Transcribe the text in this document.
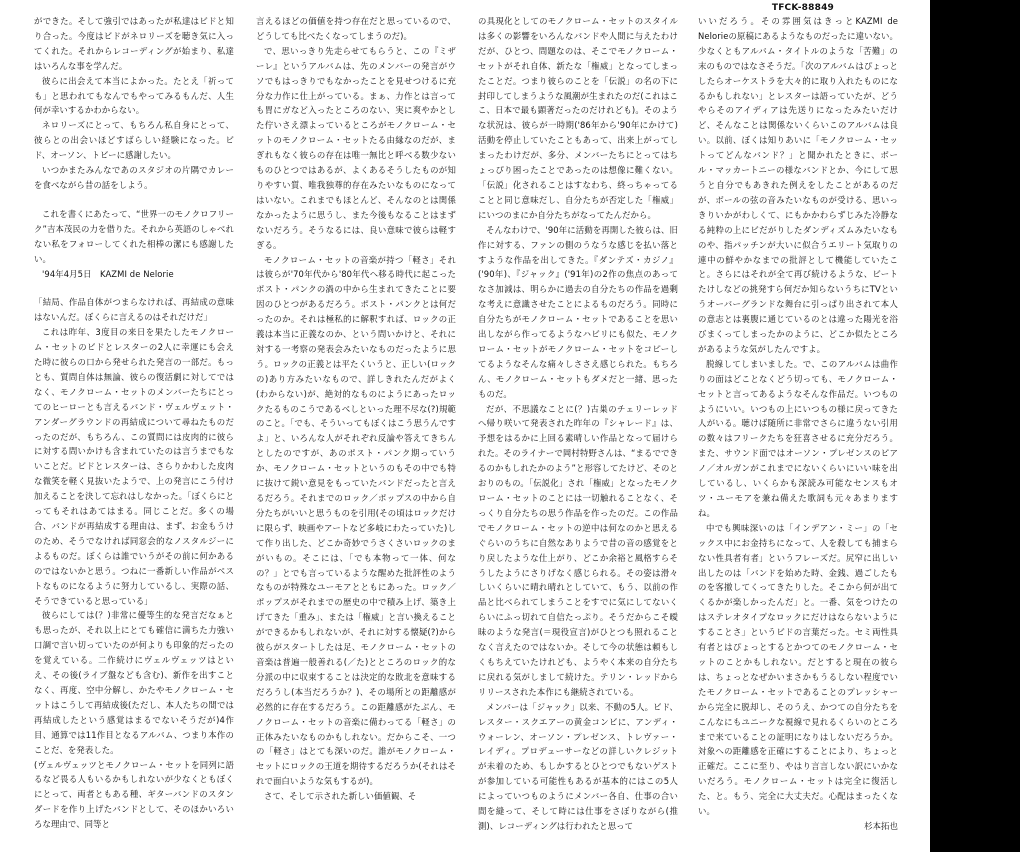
TFCK-88849

ができた。そして強引ではあったが私達はビドと知り合った。今度はビドがネロリーズを聴き気に入ってくれた。それからレコーディングが始まり、私達はいろんな事を学んだ。

彼らに出会えて本当によかった。たとえ「祈っても」と思われてもなんでもやってみるもんだ、人生何が幸いするかわからない。

ネロリーズにとって、もちろん私自身にとって、彼らとの出会いほどすばらしい経験になった。ビド、オーソン、トビーに感謝したい。

いつかまたみんなであのスタジオの片隅でカレーを食べながら昔の話をしよう。

これを書くにあたって、“世界一のモノクロフリーク”吉本茂民の力を借りた。それから英語のしゃべれない私をフォローしてくれた相棒の潔にも感謝したい。

'94年4月5日　KAZMI de Nelorie

「結局、作品自体がつまらなければ、再結成の意味はないんだ。ぼくらに言えるのはそれだけだ」

これは昨年、3度目の来日を果たしたモノクローム・セットのビドとレスターの2人に幸運にも会えた時に彼らの口から発せられた発言の一部だ。もっとも、質問自体は無論、彼らの復活劇に対してではなく、モノクローム・セットのメンバーたちにとってのヒーローとも言えるバンド・ヴェルヴェット・アンダーグラウンドの再結成について尋ねたものだったのだが、もちろん、この質問には皮肉的に彼らに対する問いかけも含まれていたのは言うまでもないことだ。ビドとレスターは、さらりかわした皮肉な微笑を軽く見抜いたようで、上の発言にこう付け加えることを決して忘れはしなかった。「ぼくらにとってもそれはあてはまる。同じことだ。多くの場合、バンドが再結成する理由は、まず、お金もうけのため、そうでなければ同窓会的なノスタルジーによるものだ。ぼくらは誰でいうがその前に何かあるのではないかと思う。つねに一番新しい作品がベストなものになるように努力しているし、実際の話、そうできていると思っている」

彼らにしては(？)非常に優等生的な発言だなぁとも思ったが、それ以上にとても確信に満ちた力強い口調で言い切っていたのが何よりも印象的だったのを覚えている。二作続けにヴェルヴェッツはといえ、その後(ライブ盤なども含む)、新作を出すことなく、再度、空中分解し、かたやモノクローム・セットはこうして再結成後(ただし、本人たちの間では再結成したという感覚はまるでないそうだが)4作目、通算では11作目となるアルバム、つまり本作のことだ、を発表した。

(ヴェルヴェッツとモノクローム・セットを同列に語るなど畏る人もいるかもしれないが少なくともぼくにとって、両者ともある種、ギターバンドのスタンダードを作り上げたバンドとして、そのほかいろいろな理由で、同等と

言えるほどの価値を持つ存在だと思っているので、どうしても比べたくなってしまうのだ)。

で、思いっきり先走らせてもらうと、この『ミザーレ』というアルバムは、先のメンバーの発言がウソでもはっきりでもなかったことを見せつけるに充分な力作に仕上がっている。まぁ、力作とは言っても胃にガなど入ったところのない、実に爽やかとした佇いさえ漂よっているところがモノクローム・セットのモノクローム・セットたる由縁なのだが、まぎれもなく彼らの存在は唯一無比と呼べる数少ないものひとつではあるが、よくあるそうしたものが知りやすい質、唯我独尊的存在みたいなものになってはいない。これまでもほとんど、そんなのとは関係なかったように思うし、また今後もなることはまずないだろう。そうなるには、良い意味で彼らは軽すぎる。

モノクローム・セットの音楽が持つ「軽さ」それは彼らが'70年代から'80年代へ移る時代に起こったポスト・パンクの渦の中から生まれてきたことに要因のひとつがあるだろう。ポスト・パンクとは何だったのか。それは極私的に解釈すれば、ロックの正義は本当に正義なのか、という問いかけと、それに対する一考察の発表会みたいなものだったように思う。ロックの正義とは平たくいうと、正しい(ロックの)あり方みたいなもので、詳しきれたんだがよく(わからない)が、絶対的なものにようにあったロックたるものこうであるべしといった理不尽な(?)規範のこと。「でも、そういってもぼくはこう思うんですよ」と、いろんな人がそれぞれ反論や答えてきちんとしたのですが、あのポスト・パンク期っていうか、モノクローム・セットというのもその中でも特に抜けて鋭い意見をもっていたバンドだったと言えるだろう。それまでのロック／ポップスの中から自分たちがいいと思うものを引用(その頃はロックだけに限らず、映画やアートなど多岐にわたっていた)して作り出した、どこか奇妙でうさくさいロックのまがいもの。そこには、「でも本物って一体、何なの？」とでも言っているような醒めた批評性のようなものが特殊なユーモアとともにあった。ロック／ポップスがそれまでの歴史の中で積み上げ、築き上げてきた「重み」、または「権威」と言い換えることができるかもしれないが、それに対する懐疑(?)から彼らがスタートしたは足、モノクローム・セットの音楽は普遍一般善れる(／た)とところのロック的な分派の中に収束することは決定的な敗北を意味するだろうし(本当だろうか？)、その場所との距離感が必然的に存在するだろう。この距離感がたぶん、モノクローム・セットの音楽に備わってる「軽さ」の正体みたいなものかもしれない。だからこそ、一つの「軽さ」はとても深いのだ。誰がモノクローム・セットにロックの王道を期待するだろうか(それはそれで面白いような気もするが)。

さて、そして示された新しい価値観、そ

の具現化としてのモノクローム・セットのスタイルは多くの影響をいろんなバンドや人間に与えたわけだが、ひとつ、問題なのは、そこでモノクローム・セットがそれ自体、新たな「権威」となってしまったことだ。つまり彼らのことを「伝説」の名の下に封印してしまうような風潮が生まれたのだ(これはここ、日本で最も顕著だったのだけれども)。そのような状況は、彼らが一時期('86年から'90年にかけて)活動を停止していたこともあって、出来上がってしまったわけだが、多分、メンバーたちにとってはちょっぴり困ったことであったのは想像に難くない。「伝説」化されることはすなわち、終っちゃってることと同じ意味だし、自分たちが否定した「権威」にいつのまにか自分たちがなってたんだから。

そんなわけで、'90年に活動を再開した彼らは、旧作に対する、ファンの側のうなうな感じを払い落とすような作品を出してきた。『ダンテズ・カジノ』('90年)、『ジャック』('91年)の2作の焦点のあってなさ加減は、明らかに過去の自分たちの作品を過剰な考えに意識させたことによるものだろう。同時に自分たちがモノクローム・セットであることを思い出しながら作ってるようなハビリにも似た、モノクローム・セットがモノクローム・セットをコピーしてるようなそんな痛々しささえ感じられた。もちろん、モノクローム・セットもダメだと一緒、思ったものだ。

だが、不思議なことに(？)古巣のチェリーレッドへ帰り咲いて発表された昨年の『シャレード』は、予想をはるかに上回る素晴しい作品となって届けられた。そのライナーで岡村特野さんは、“まるでできるのかもしれたかのよう”と形容してたけど、そのとおりのもの。「伝説化」され「権威」となったモノクローム・セットのことには一切触れることなく、そっくり自分たちの思う作品を作ったのだ。この作品でモノクローム・セットの逆中は何なのかと思えるぐらいのうちに自然なありようで昔の音の感覚をとり戻したような仕上がり、どこか余裕と風格すらそうしたようにさりげなく感じられる。その姿は滑々しいくらいに晴れ晴れとしていて、もう、以前の作品と比べられてしまうことをすでに気にしてないくらいにふっ切れて自信たっぷり。そうだからこそ曖昧のような発言(＝現役宣言)がひとつも照れることなく言えたのではないか。そして今の状態は頼もしくもちえていたけれども、ようやく本来の自分たちに戻れる気がしまして続けた。テリン・レッドからリリースされた本作にも継続されている。

メンバーは「ジャック」以来、不動の5人。ビド、レスター・スクエアーの黄金コンビに、アンディ・ウォーレン、オーソン・プレゼンス、トレヴァー・レイディ。プロデューサーなどの詳しいクレジットが未着のため、もしかするとひとつでもないゲストが参加している可能性もあるが基本的にはこの5人によっていつものようにメンバー各自、仕事の合い間を縫って、そして時には仕事をさぼりながら(推測)、レコーディングは行われたと思って

いいだろう。その雰囲気はきっとKAZMI de Nelorieの原稿にあるようなものだったに違いない。少なくともアルバム・タイトルのような「苦難」の末のものではなさそうだ。「次のアルバムはぴょっとしたらオーケストラを大々的に取り入れたものになるかもしれない」とレスターは語っていたが、どうやらそのアイディアは先送りになったみたいだけど、そんなことは関係ないくらいこのアルバムは良い。以前、ぼくは知りあいに「モノクローム・セットってどんなバンド？」と聞かれたときに、ボール・マッカートニーの様なバンドとか、今にして思うと自分でもあきれた例えをしたことがあるのだが、ボールの弦の音みたいなものが受ける、思いっきりいかがわしくて、にもかかわらずじみた冷静なる純粋の上にビだがりしたダンディズムみたいなものや、指パッチンが大いに似合うエリート気取りの連中の鮮やかなまでの批評として機能していたこと。さらにはそれが全て再び続けるような、ビートたけしなどの挑発すら何だか知らないうちにTVというオーバーグランドな舞台に引っぱり出されて本人の意志とは裏腹に通じているのとは違った陽光を浴びまくってしまったかのように、どこか似たところがあるような気がしたんですよ。

脱線してしまいました。で、このアルバムは曲作りの面はどことなくどう切っても、モノクローム・セットと言ってあるようなそんな作品だ。いつものようにいい。いつもの上にいつもの様に戻ってきた人がいる。聴けば随所に非常でさらに違うない引用の数々はフリークたちを狂喜させるに充分だろう。また、サウンド面ではオーソン・プレゼンスのピアノ／オルガンがこれまでにないくらいにいい味を出しているし、いくらかも深読み可能なセンスもオツ・ユーモアを兼ね備えた歌詞も元々あまりますね。

中でも興味深いのは「インデアン・ミー」の「セックス中にお金持ちになって、人を殺しても捕まらない性具者有者」というフレーズだ。尻窄に出しい出したのは「バンドを始めた時、金銭、過ごしたものを客撤してくってきたりした。そこから何が出てくるかが楽しかったんだ」と。一番、気をつけたのはステレオタイプなロックにだけはならないようにすることさ」というビドの言葉だった。セミ両性具有者とはぴょっとするとかつてのモノクローム・セットのことかもしれない。だとすると現在の彼らは、ちょっとなぜかいまさかもうるしない程度でいたモノクローム・セットであることのプレッシャーから完全に脱却し、そのうえ、かつての自分たちをこんなにもユニークな視線で見れるくらいのところまで来ていることの証明になりはしないだろうか。対象への距離感を正確にすることにより、ちょっと正確だ。ここに至り、やはり言言しない訳にいかないだろう。モノクローム・セットは完全に復活した、と。もう、完全に大丈夫だ。心配はまったくない。

杉本拓也
